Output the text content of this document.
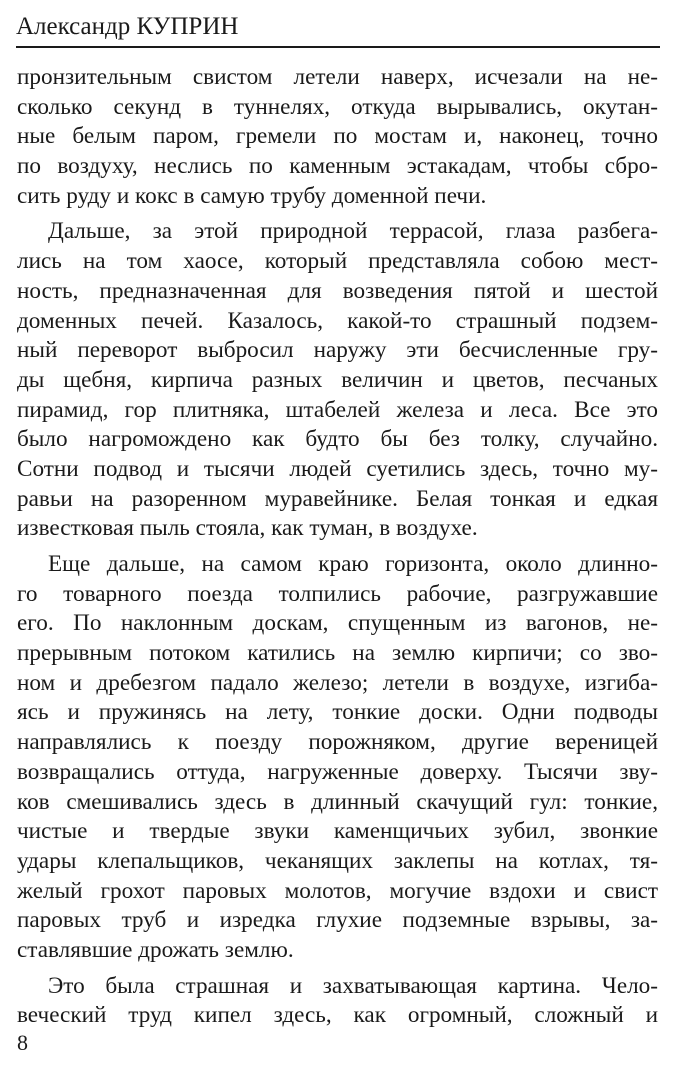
Александр КУПРИН
пронзительным свистом летели наверх, исчезали на не-
сколько секунд в туннелях, откуда вырывались, окутан-
ные белым паром, гремели по мостам и, наконец, точно
по воздуху, неслись по каменным эстакадам, чтобы сбро-
сить руду и кокс в самую трубу доменной печи.
Дальше, за этой природной террасой, глаза разбега-
лись на том хаосе, который представляла собою мест-
ность, предназначенная для возведения пятой и шестой
доменных печей. Казалось, какой-то страшный подзем-
ный переворот выбросил наружу эти бесчисленные гру-
ды щебня, кирпича разных величин и цветов, песчаных
пирамид, гор плитняка, штабелей железа и леса. Все это
было нагромождено как будто бы без толку, случайно.
Сотни подвод и тысячи людей суетились здесь, точно му-
равьи на разоренном муравейнике. Белая тонкая и едкая
известковая пыль стояла, как туман, в воздухе.
Еще дальше, на самом краю горизонта, около длинно-
го товарного поезда толпились рабочие, разгружавшие
его. По наклонным доскам, спущенным из вагонов, не-
прерывным потоком катились на землю кирпичи; со зво-
ном и дребезгом падало железо; летели в воздухе, изгиба-
ясь и пружинясь на лету, тонкие доски. Одни подводы
направлялись к поезду порожняком, другие вереницей
возвращались оттуда, нагруженные доверху. Тысячи зву-
ков смешивались здесь в длинный скачущий гул: тонкие,
чистые и твердые звуки каменщичьих зубил, звонкие
удары клепальщиков, чеканящих заклепы на котлах, тя-
желый грохот паровых молотов, могучие вздохи и свист
паровых труб и изредка глухие подземные взрывы, за-
ставлявшие дрожать землю.
Это была страшная и захватывающая картина. Чело-
веческий труд кипел здесь, как огромный, сложный и
8
